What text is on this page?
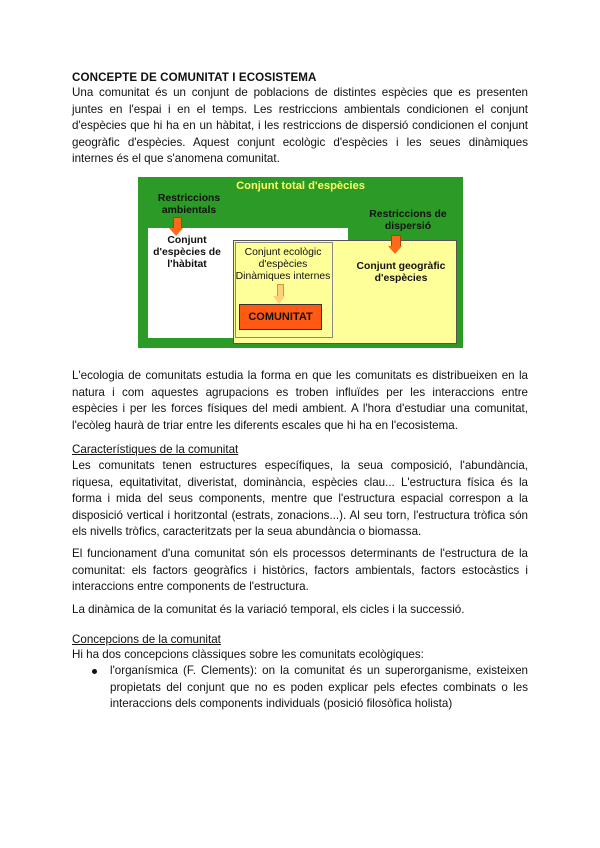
CONCEPTE DE COMUNITAT I ECOSISTEMA
Una comunitat és un conjunt de poblacions de distintes espècies que es presenten juntes en l'espai i en el temps. Les restriccions ambientals condicionen el conjunt d'espècies que hi ha en un hàbitat, i les restriccions de dispersió condicionen el conjunt geogràfic d'espècies. Aquest conjunt ecològic d'espècies i les seues dinàmiques internes és el que s'anomena comunitat.
Conjunt total d'espècies
Restriccions ambientals
Conjunt d'espècies de l'hàbitat
Restriccions de dispersió
Conjunt geogràfic d'espècies
Conjunt ecològic d'espècies
Dinàmiques internes
COMUNITAT
L'ecologia de comunitats estudia la forma en que les comunitats es distribueixen en la natura i com aquestes agrupacions es troben influïdes per les interaccions entre espècies i per les forces físiques del medi ambient. A l'hora d'estudiar una comunitat, l'ecòleg haurà de triar entre les diferents escales que hi ha en l'ecosistema.
Característiques de la comunitat
Les comunitats tenen estructures específiques, la seua composició, l'abundància, riquesa, equitativitat, diveristat, dominància, espècies clau... L'estructura física és la forma i mida del seus components, mentre que l'estructura espacial correspon a la disposició vertical i horitzontal (estrats, zonacions...). Al seu torn, l'estructura tròfica són els nivells tròfics, caracteritzats per la seua abundància o biomassa.
El funcionament d'una comunitat són els processos determinants de l'estructura de la comunitat: els factors geogràfics i històrics, factors ambientals, factors estocàstics i interaccions entre components de l'estructura.
La dinàmica de la comunitat és la variació temporal, els cicles i la successió.
Concepcions de la comunitat
Hi ha dos concepcions clàssiques sobre les comunitats ecològiques:
l'organísmica (F. Clements): on la comunitat és un superorganisme, existeixen propietats del conjunt que no es poden explicar pels efectes combinats o les interaccions dels components individuals (posició filosòfica holista)
